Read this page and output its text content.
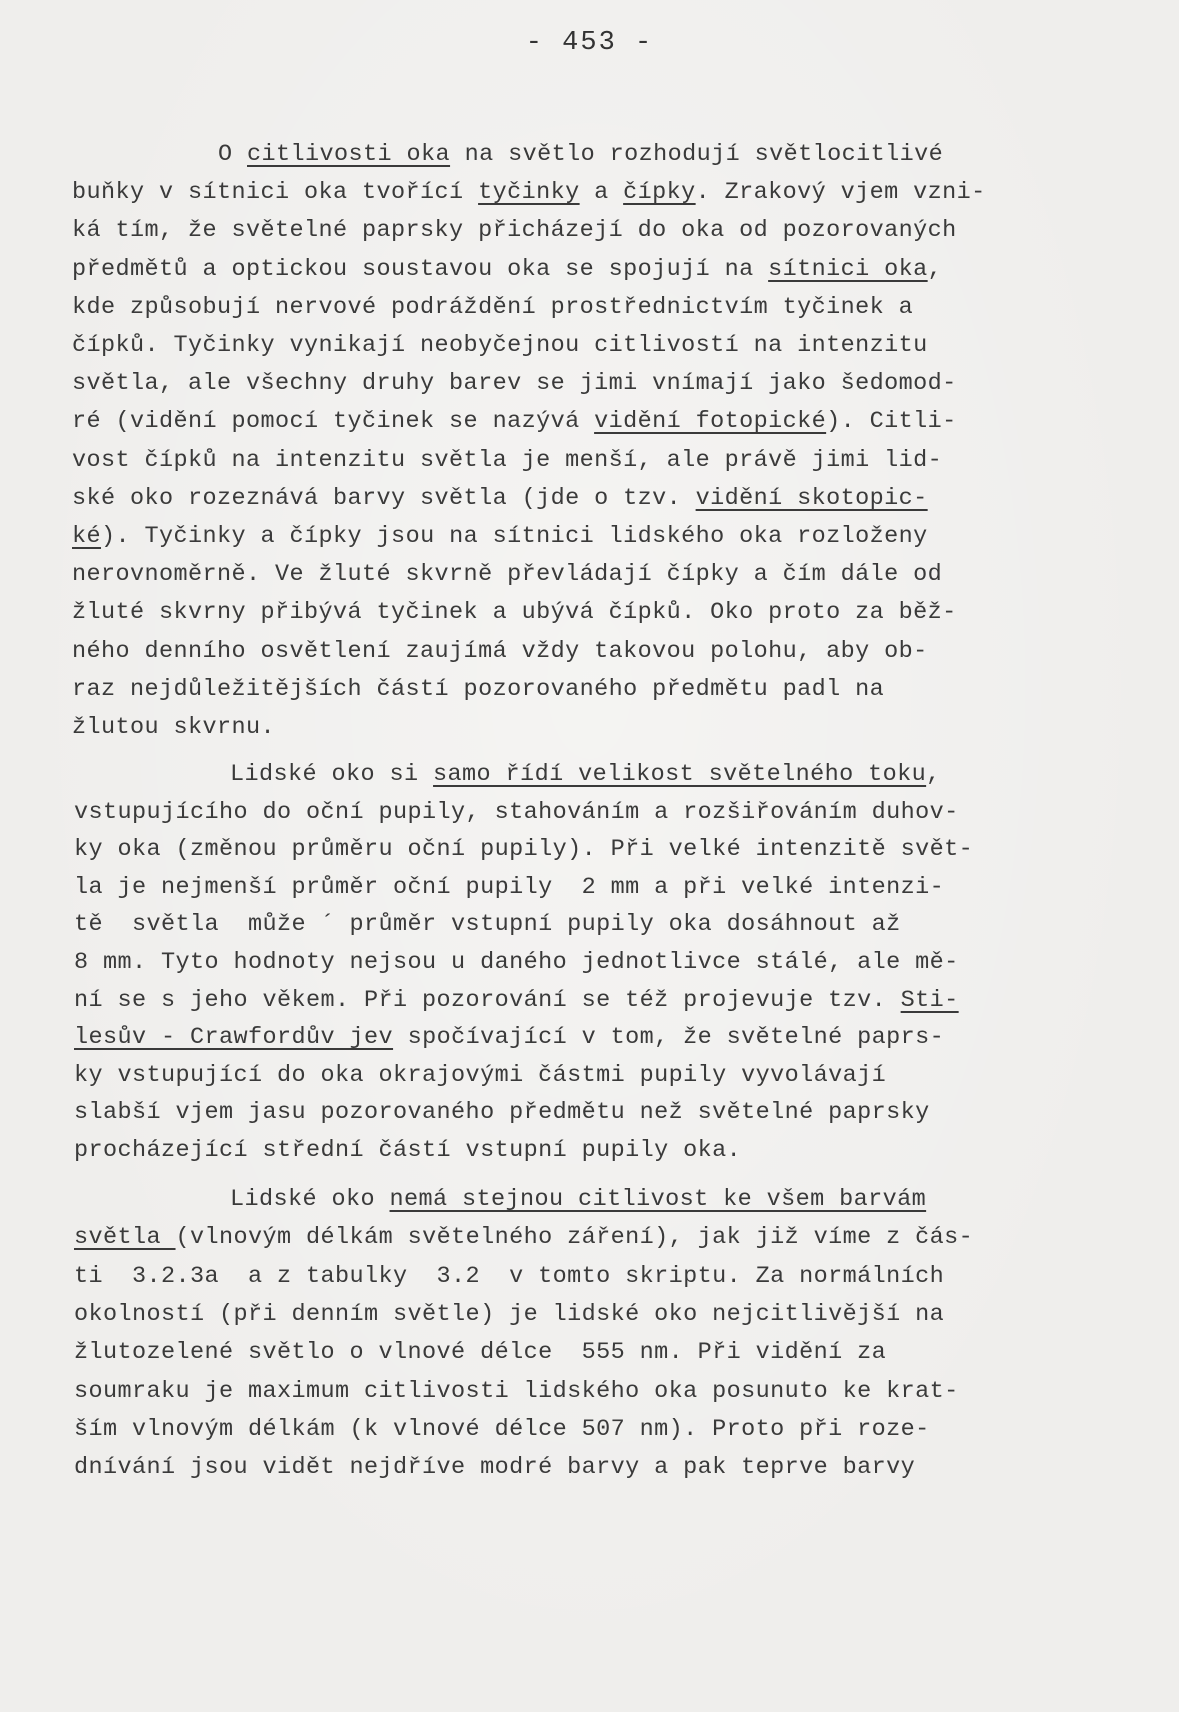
- 453 -
O citlivosti oka na světlo rozhodují světlocitlivé
buňky v sítnici oka tvořící tyčinky a čípky. Zrakový vjem vzni-
ká tím, že světelné paprsky přicházejí do oka od pozorovaných
předmětů a optickou soustavou oka se spojují na sítnici oka,
kde způsobují nervové podráždění prostřednictvím tyčinek a
čípků. Tyčinky vynikají neobyčejnou citlivostí na intenzitu
světla, ale všechny druhy barev se jimi vnímají jako šedomod-
ré (vidění pomocí tyčinek se nazývá vidění fotopické). Citli-
vost čípků na intenzitu světla je menší, ale právě jimi lid-
ské oko rozeznává barvy světla (jde o tzv. vidění skotopic-
ké). Tyčinky a čípky jsou na sítnici lidského oka rozloženy
nerovnoměrně. Ve žluté skvrně převládají čípky a čím dále od
žluté skvrny přibývá tyčinek a ubývá čípků. Oko proto za běž-
ného denního osvětlení zaujímá vždy takovou polohu, aby ob-
raz nejdůležitějších částí pozorovaného předmětu padl na
žlutou skvrnu.
Lidské oko si samo řídí velikost světelného toku,
vstupujícího do oční pupily, stahováním a rozšiřováním duhov-
ky oka (změnou průměru oční pupily). Při velké intenzitě svět-
la je nejmenší průměr oční pupily  2 mm a při velké intenzi-
tě  světla  může ´ průměr vstupní pupily oka dosáhnout až
8 mm. Tyto hodnoty nejsou u daného jednotlivce stálé, ale mě-
ní se s jeho věkem. Při pozorování se též projevuje tzv. Sti-
lesův - Crawfordův jev spočívající v tom, že světelné paprs-
ky vstupující do oka okrajovými částmi pupily vyvolávají
slabší vjem jasu pozorovaného předmětu než světelné paprsky
procházející střední částí vstupní pupily oka.
Lidské oko nemá stejnou citlivost ke všem barvám
světla (vlnovým délkám světelného záření), jak již víme z čás-
ti  3.2.3a  a z tabulky  3.2  v tomto skriptu. Za normálních
okolností (při denním světle) je lidské oko nejcitlivější na
žlutozelené světlo o vlnové délce  555 nm. Při vidění za
soumraku je maximum citlivosti lidského oka posunuto ke krat-
ším vlnovým délkám (k vlnové délce 507 nm). Proto při roze-
dnívání jsou vidět nejdříve modré barvy a pak teprve barvy
